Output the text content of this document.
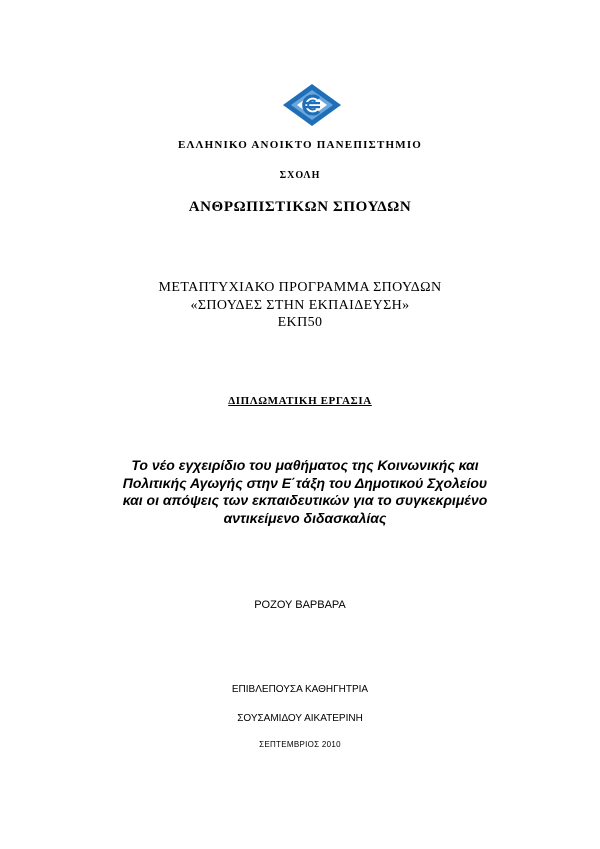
ΕΛΛΗΝΙΚΟ ΑΝΟΙΚΤΟ ΠΑΝΕΠΙΣΤΗΜΙΟ
ΣΧΟΛΗ
ΑΝΘΡΩΠΙΣΤΙΚΩΝ ΣΠΟΥΔΩΝ
ΜΕΤΑΠΤΥΧΙΑΚΟ ΠΡΟΓΡΑΜΜΑ ΣΠΟΥΔΩΝ
«ΣΠΟΥΔΕΣ ΣΤΗΝ ΕΚΠΑΙΔΕΥΣΗ»
ΕΚΠ50
ΔΙΠΛΩΜΑΤΙΚΗ ΕΡΓΑΣΙΑ
Το νέο εγχειρίδιο του μαθήματος της Κοινωνικής και
Πολιτικής Αγωγής στην Ε΄τάξη του Δημοτικού Σχολείου
και οι απόψεις των εκπαιδευτικών για το συγκεκριμένο
αντικείμενο διδασκαλίας
ΡΟΖΟΥ ΒΑΡΒΑΡΑ
ΕΠΙΒΛΕΠΟΥΣΑ ΚΑΘΗΓΗΤΡΙΑ
ΣΟΥΣΑΜΙΔΟΥ ΑΙΚΑΤΕΡΙΝΗ
ΣΕΠΤΕΜΒΡΙΟΣ 2010
